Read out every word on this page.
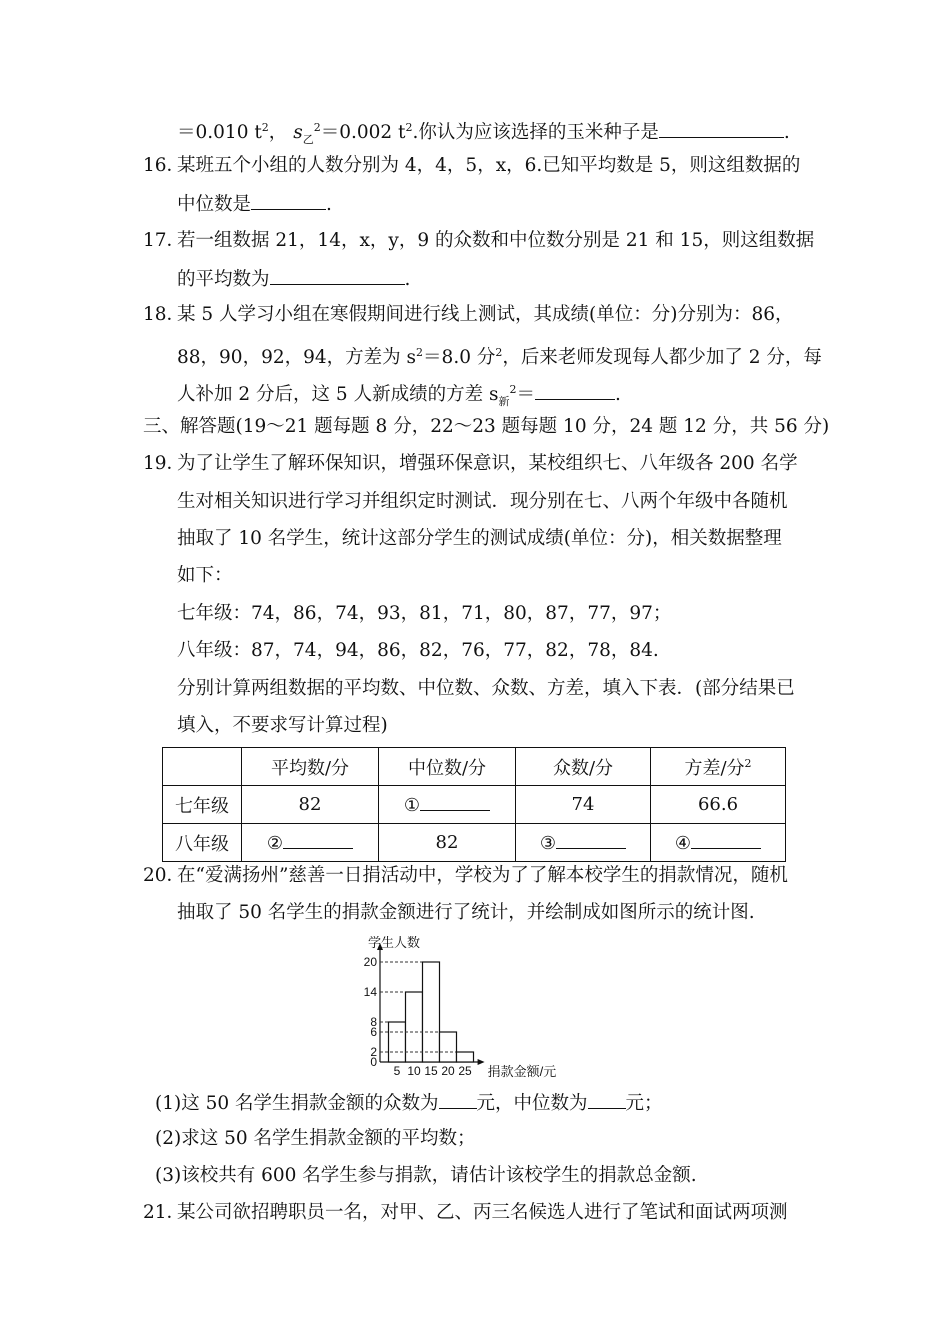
＝0.010 $t^2$， $s_乙^2=0.002$ $t^2$.你认为应该选择的玉米种子是	.
16．
某班五个小组的人数分别为 4，4，5，x，6.已知平均数是 5，则这组数据的
中位数是	.
17．
若一组数据 21，14，x，y，9 的众数和中位数分别是 21 和 15，则这组数据
的平均数为	.
18．
某 5 人学习小组在寒假期间进行线上测试，其成绩(单位：分)分别为：86，
88，90，92，94，方差为 $s^2=8.0$ 分$^2$，后来老师发现每人都少加了 2 分，每
人补加 2 分后，这 5 人新成绩的方差 $s_新^2=$	.
三、解答题(19～21 题每题 8 分，22～23 题每题 10 分，24 题 12 分，共 56 分)
19．
为了让学生了解环保知识，增强环保意识，某校组织七、八年级各 200 名学
生对相关知识进行学习并组织定时测试．现分别在七、八两个年级中各随机
抽取了 10 名学生，统计这部分学生的测试成绩(单位：分)，相关数据整理
如下：
七年级：74，86，74，93，81，71，80，87，77，97；
八年级：87，74，94，86，82，76，77，82，78，84.
分别计算两组数据的平均数、中位数、众数、方差，填入下表．(部分结果已
填入，不要求写计算过程)
	平均数/分	中位数/分	众数/分	方差/分$^2$
七年级	82	①	74	66.6
八年级	②	82	③	④
20．
在“爱满扬州”慈善一日捐活动中，学校为了了解本校学生的捐款情况，随机
抽取了 50 名学生的捐款金额进行了统计，并绘制成如图所示的统计图.
5 10 15 20 25
0
2
6
8
14
20
学生人数
捐款金额/元
(1)这 50 名学生捐款金额的众数为 元，中位数为 元；
(2)求这 50 名学生捐款金额的平均数；
(3)该校共有 600 名学生参与捐款，请估计该校学生的捐款总金额.
21．
某公司欲招聘职员一名，对甲、乙、丙三名候选人进行了笔试和面试两项测
